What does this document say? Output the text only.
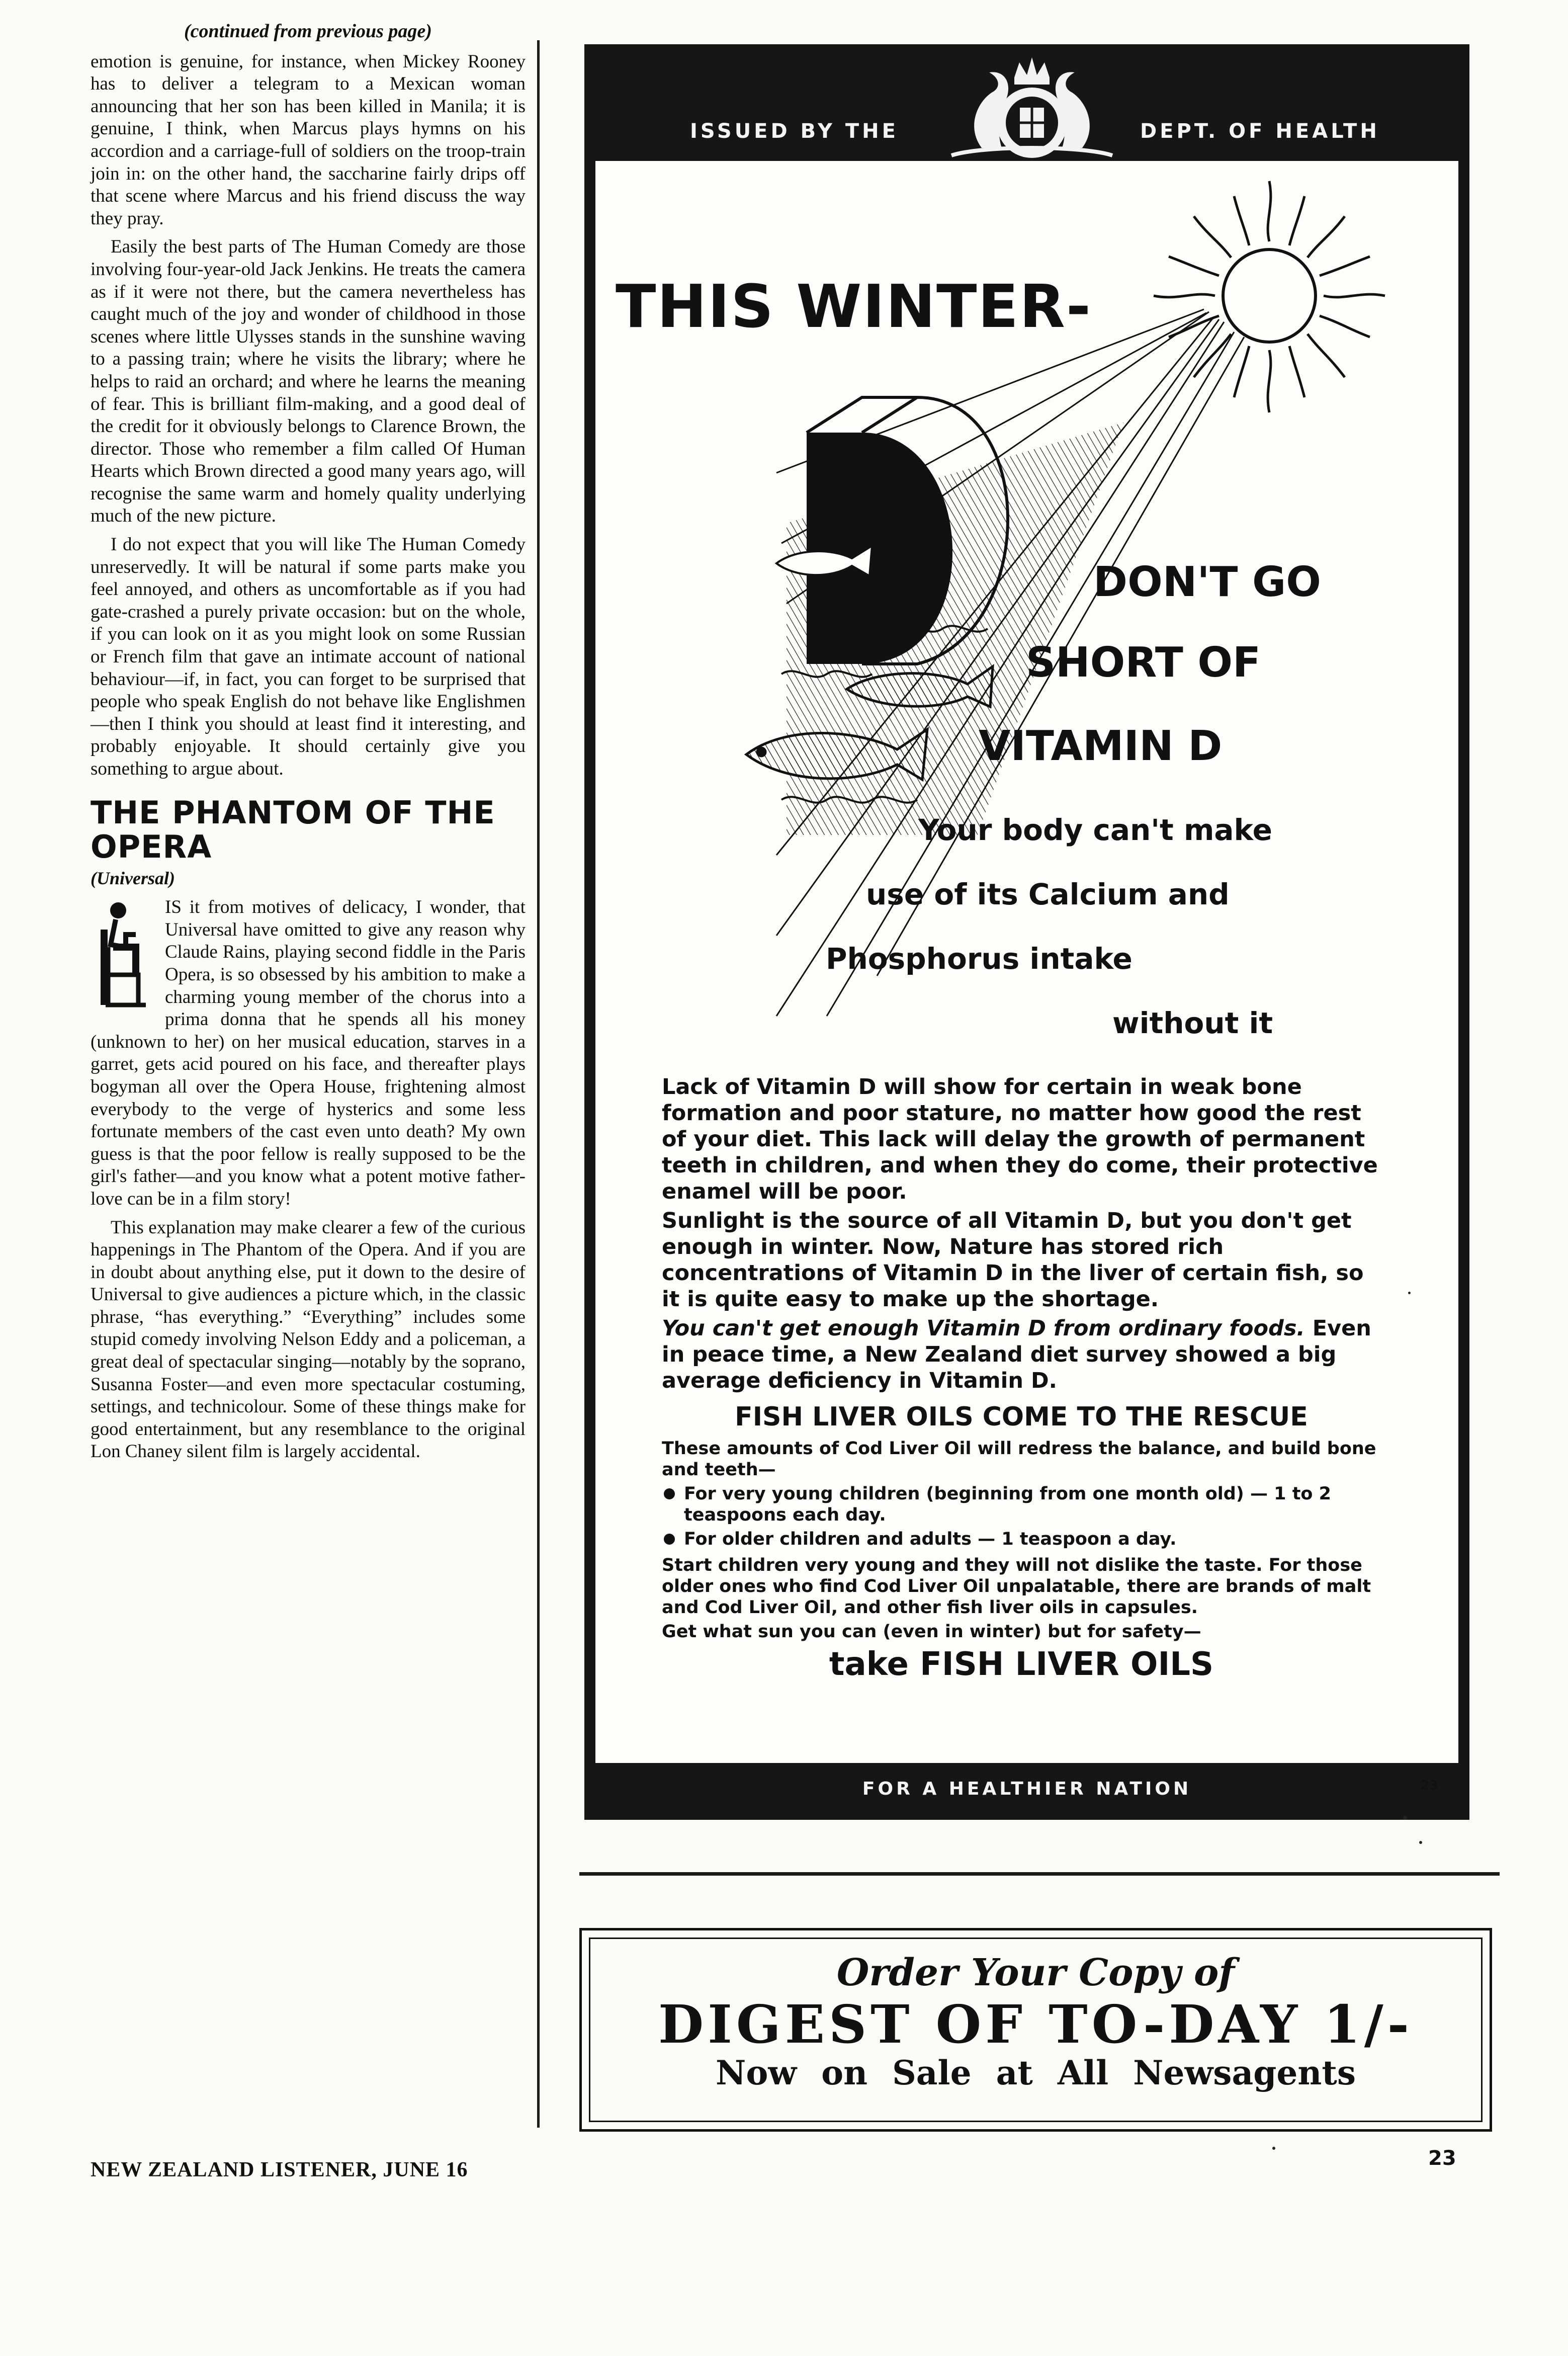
(continued from previous page)

emotion is genuine, for instance, when Mickey Rooney has to deliver a telegram to a Mexican woman announcing that her son has been killed in Manila; it is genuine, I think, when Marcus plays hymns on his accordion and a carriage-full of soldiers on the troop-train join in: on the other hand, the saccharine fairly drips off that scene where Marcus and his friend discuss the way they pray.

Easily the best parts of The Human Comedy are those involving four-year-old Jack Jenkins. He treats the camera as if it were not there, but the camera nevertheless has caught much of the joy and wonder of childhood in those scenes where little Ulysses stands in the sunshine waving to a passing train; where he visits the library; where he helps to raid an orchard; and where he learns the meaning of fear. This is brilliant film-making, and a good deal of the credit for it obviously belongs to Clarence Brown, the director. Those who remember a film called Of Human Hearts which Brown directed a good many years ago, will recognise the same warm and homely quality underlying much of the new picture.

I do not expect that you will like The Human Comedy unreservedly. It will be natural if some parts make you feel annoyed, and others as uncomfortable as if you had gate-crashed a purely private occasion: but on the whole, if you can look on it as you might look on some Russian or French film that gave an intimate account of national behaviour—if, in fact, you can forget to be surprised that people who speak English do not behave like Englishmen—then I think you should at least find it interesting, and probably enjoyable. It should certainly give you something to argue about.

THE PHANTOM OF THE OPERA
(Universal)

IS it from motives of delicacy, I wonder, that Universal have omitted to give any reason why Claude Rains, playing second fiddle in the Paris Opera, is so obsessed by his ambition to make a charming young member of the chorus into a prima donna that he spends all his money (unknown to her) on her musical education, starves in a garret, gets acid poured on his face, and thereafter plays bogyman all over the Opera House, frightening almost everybody to the verge of hysterics and some less fortunate members of the cast even unto death? My own guess is that the poor fellow is really supposed to be the girl's father—and you know what a potent motive father-love can be in a film story!

This explanation may make clearer a few of the curious happenings in The Phantom of the Opera. And if you are in doubt about anything else, put it down to the desire of Universal to give audiences a picture which, in the classic phrase, “has everything.” “Everything” includes some stupid comedy involving Nelson Eddy and a policeman, a great deal of spectacular singing—notably by the soprano, Susanna Foster—and even more spectacular costuming, settings, and technicolour. Some of these things make for good entertainment, but any resemblance to the original Lon Chaney silent film is largely accidental.

NEW ZEALAND LISTENER, JUNE 16	23
ISSUED BY THE	DEPT. OF HEALTH
THIS WINTER-
DON'T GO
SHORT OF
VITAMIN D
Your body can't make
use of its Calcium and
Phosphorus intake
without it

Lack of Vitamin D will show for certain in weak bone formation and poor stature, no matter how good the rest of your diet. This lack will delay the growth of permanent teeth in children, and when they do come, their protective enamel will be poor.

Sunlight is the source of all Vitamin D, but you don't get enough in winter. Now, Nature has stored rich concentrations of Vitamin D in the liver of certain fish, so it is quite easy to make up the shortage.

You can't get enough Vitamin D from ordinary foods. Even in peace time, a New Zealand diet survey showed a big average deficiency in Vitamin D.

FISH LIVER OILS COME TO THE RESCUE

These amounts of Cod Liver Oil will redress the balance, and build bone and teeth—

For very young children (beginning from one month old) — 1 to 2 teaspoons each day.
For older children and adults — 1 teaspoon a day.

Start children very young and they will not dislike the taste. For those older ones who find Cod Liver Oil unpalatable, there are brands of malt and Cod Liver Oil, and other fish liver oils in capsules.

Get what sun you can (even in winter) but for safety—

take FISH LIVER OILS

23
FOR A HEALTHIER NATION
Order Your Copy of
DIGEST OF TO-DAY 1/-
Now on Sale at All Newsagents
